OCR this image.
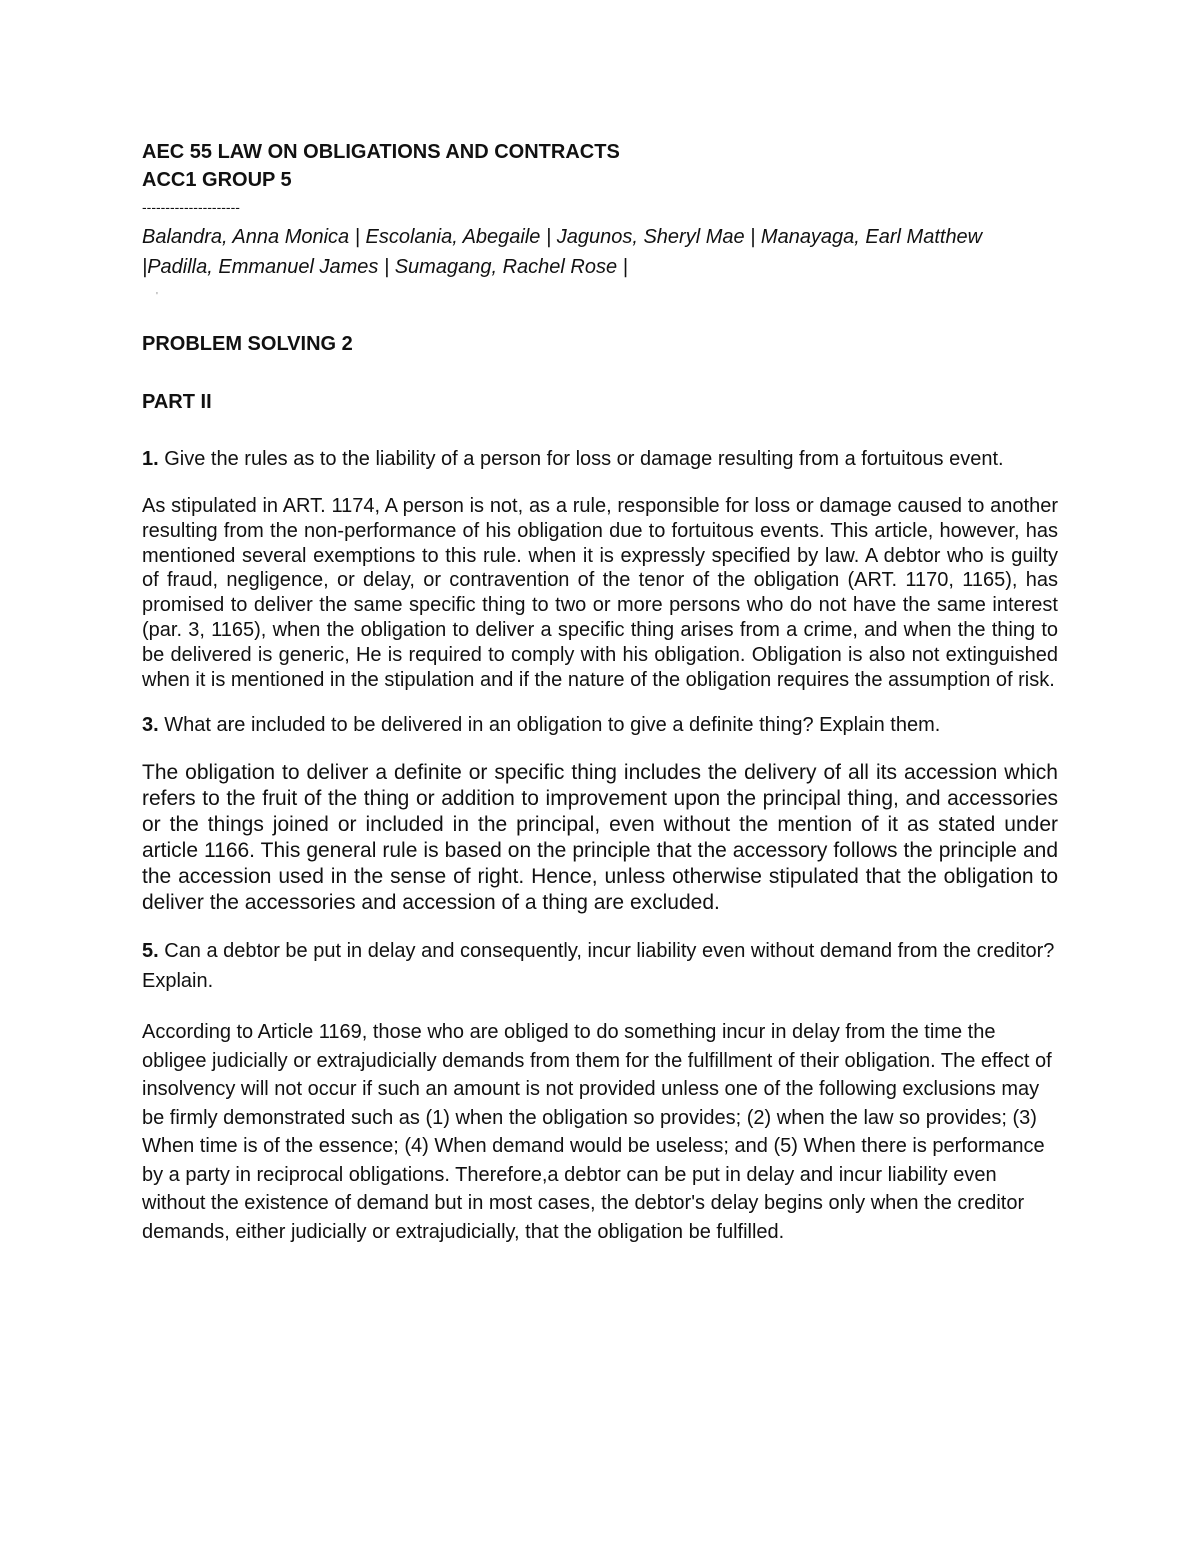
AEC 55 LAW ON OBLIGATIONS AND CONTRACTS

ACC1 GROUP 5

---------------------

Balandra, Anna Monica | Escolania, Abegaile | Jagunos, Sheryl Mae | Manayaga, Earl Matthew |Padilla, Emmanuel James | Sumagang, Rachel Rose |

'

PROBLEM SOLVING 2

PART II

1. Give the rules as to the liability of a person for loss or damage resulting from a fortuitous event.

As stipulated in ART. 1174, A person is not, as a rule, responsible for loss or damage caused to another resulting from the non-performance of his obligation due to fortuitous events. This article, however, has mentioned several exemptions to this rule. when it is expressly specified by law. A debtor who is guilty of fraud, negligence, or delay, or contravention of the tenor of the obligation (ART. 1170, 1165), has promised to deliver the same specific thing to two or more persons who do not have the same interest (par. 3, 1165), when the obligation to deliver a specific thing arises from a crime, and when the thing to be delivered is generic, He is required to comply with his obligation. Obligation is also not extinguished when it is mentioned in the stipulation and if the nature of the obligation requires the assumption of risk.

3. What are included to be delivered in an obligation to give a definite thing? Explain them.

The obligation to deliver a definite or specific thing includes the delivery of all its accession which refers to the fruit of the thing or addition to improvement upon the principal thing, and accessories or the things joined or included in the principal, even without the mention of it as stated under article 1166. This general rule is based on the principle that the accessory follows the principle and the accession used in the sense of right. Hence, unless otherwise stipulated that the obligation to deliver the accessories and accession of a thing are excluded.

5. Can a debtor be put in delay and consequently, incur liability even without demand from the creditor? Explain.

According to Article 1169, those who are obliged to do something incur in delay from the time the obligee judicially or extrajudicially demands from them for the fulfillment of their obligation. The effect of insolvency will not occur if such an amount is not provided unless one of the following exclusions may be firmly demonstrated such as (1) when the obligation so provides; (2) when the law so provides; (3) When time is of the essence; (4) When demand would be useless; and (5) When there is performance by a party in reciprocal obligations. Therefore,a debtor can be put in delay and incur liability even without the existence of demand but in most cases, the debtor's delay begins only when the creditor demands, either judicially or extrajudicially, that the obligation be fulfilled.
